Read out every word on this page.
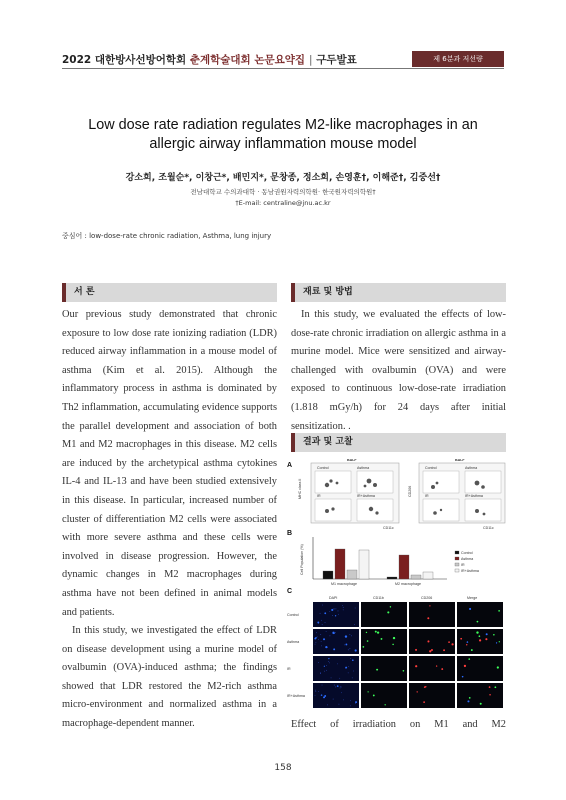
2022 대한방사선방어학회 춘계학술대회 논문요약집 | 구두발표	제 6분과 저선량
Low dose rate radiation regulates M2-like macrophages in an
allergic airway inflammation mouse model
강소희, 조월순*, 이창근*, 배민지*, 문창종, 정소희, 손영훈†, 이해준†, 김중선†
전남대학교 수의과대학 · 동남권원자력의학원· 한국원자력의학원†
†E-mail: centraline@jnu.ac.kr
중심어 : low-dose-rate chronic radiation, Asthma, lung injury
서 론

Our previous study demonstrated that chronic exposure to low dose rate ionizing radiation (LDR) reduced airway inflammation in a mouse model of asthma (Kim et al. 2015). Although the inflammatory process in asthma is dominated by Th2 inflammation, accumulating evidence supports the parallel development and association of both M1 and M2 macrophages in this disease. M2 cells are induced by the archetypical asthma cytokines IL-4 and IL-13 and have been studied extensively in this disease. In particular, increased number of cluster of differentiation M2 cells were associated with more severe asthma and these cells were involved in disease progression. However, the dynamic changes in M2 macrophages during asthma have not been defined in animal models and patients.

In this study, we investigated the effect of LDR on disease development using a murine model of ovalbumin (OVA)-induced asthma; the findings showed that LDR restored the M2-rich asthma micro-environment and normalized asthma in a macrophage-dependent manner.

재료 및 방법

In this study, we evaluated the effects of low-dose-rate chronic irradiation on allergic asthma in a murine model. Mice were sensitized and airway-challenged with ovalbumin (OVA) and were exposed to continuous low-dose-rate irradiation (1.818 mGy/h) for 24 days after initial sensitization. .

결과 및 고찰
A
BALF
MHC class II
CD11c
Control	Asthma
IR	IR+Asthma
BALF
CD206
CD11c
Control	Asthma
IR	IR+Asthma
B
Cell Population (%)
M1 macrophage	M2 macrophage
Control
Asthma
IR
IR+Asthma
C
DAPI	CD11b	CD206	Merge
Control
Asthma
IR
IR+Asthma
Effect of irradiation on M1 and M2
158
